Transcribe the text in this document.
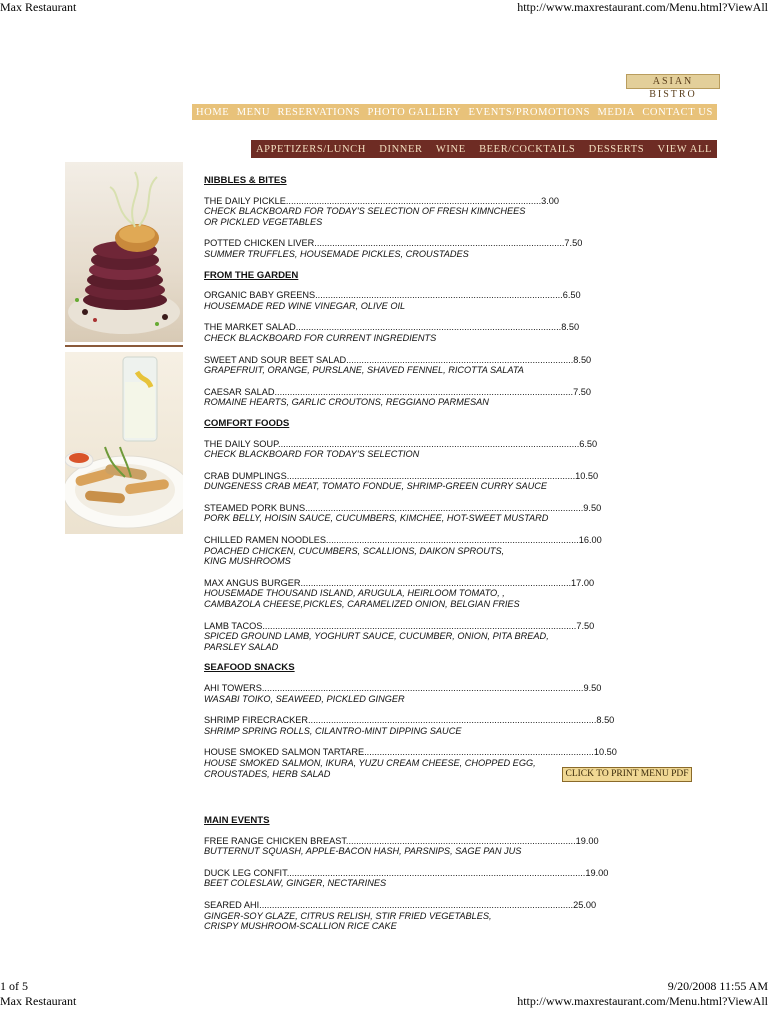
Max Restaurant	http://www.maxrestaurant.com/Menu.html?ViewAll
1 of 5	9/20/2008 11:55 AM
Max Restaurant	http://www.maxrestaurant.com/Menu.html?ViewAll
ASIAN BISTRO
HOME MENU RESERVATIONS PHOTO GALLERY EVENTS/PROMOTIONS MEDIA CONTACT US
APPETIZERS/LUNCH DINNER WINE BEER/COCKTAILS DESSERTS VIEW ALL
NIBBLES & BITES
THE DAILY PICKLE....................................................................................................3.00
CHECK BLACKBOARD FOR TODAY'S SELECTION OF FRESH KIMNCHEES
OR PICKLED VEGETABLES
POTTED CHICKEN LIVER..................................................................................................7.50
SUMMER TRUFFLES, HOUSEMADE PICKLES, CROUSTADES
FROM THE GARDEN
ORGANIC BABY GREENS.................................................................................................6.50
HOUSEMADE RED WINE VINEGAR, OLIVE OIL
THE MARKET SALAD........................................................................................................8.50
CHECK BLACKBOARD FOR CURRENT INGREDIENTS
SWEET AND SOUR BEET SALAD.........................................................................................8.50
GRAPEFRUIT, ORANGE, PURSLANE, SHAVED FENNEL, RICOTTA SALATA
CAESAR SALAD.....................................................................................................................7.50
ROMAINE HEARTS, GARLIC CROUTONS, REGGIANO PARMESAN
COMFORT FOODS
THE DAILY SOUP......................................................................................................................6.50
CHECK BLACKBOARD FOR TODAY'S SELECTION
CRAB DUMPLINGS.................................................................................................................10.50
DUNGENESS CRAB MEAT, TOMATO FONDUE, SHRIMP-GREEN CURRY SAUCE
STEAMED PORK BUNS.............................................................................................................9.50
PORK BELLY, HOISIN SAUCE, CUCUMBERS, KIMCHEE, HOT-SWEET MUSTARD
CHILLED RAMEN NOODLES...................................................................................................16.00
POACHED CHICKEN, CUCUMBERS, SCALLIONS, DAIKON SPROUTS,
KING MUSHROOMS
MAX ANGUS BURGER..........................................................................................................17.00
HOUSEMADE THOUSAND ISLAND, ARUGULA, HEIRLOOM TOMATO, ,
CAMBAZOLA CHEESE,PICKLES, CARAMELIZED ONION, BELGIAN FRIES
LAMB TACOS...........................................................................................................................7.50
SPICED GROUND LAMB, YOGHURT SAUCE, CUCUMBER, ONION, PITA BREAD,
PARSLEY SALAD
SEAFOOD SNACKS
AHI TOWERS..............................................................................................................................9.50
WASABI TOIKO, SEAWEED, PICKLED GINGER
SHRIMP FIRECRACKER.................................................................................................................8.50
SHRIMP SPRING ROLLS, CILANTRO-MINT DIPPING SAUCE
HOUSE SMOKED SALMON TARTARE..........................................................................................10.50
HOUSE SMOKED SALMON, IKURA, YUZU CREAM CHEESE, CHOPPED EGG,
CROUSTADES, HERB SALAD	CLICK TO PRINT MENU PDF
MAIN EVENTS
FREE RANGE CHICKEN BREAST..........................................................................................19.00
BUTTERNUT SQUASH, APPLE-BACON HASH, PARSNIPS, SAGE PAN JUS
DUCK LEG CONFIT.....................................................................................................................19.00
BEET COLESLAW, GINGER, NECTARINES
SEARED AHI...........................................................................................................................25.00
GINGER-SOY GLAZE, CITRUS RELISH, STIR FRIED VEGETABLES,
CRISPY MUSHROOM-SCALLION RICE CAKE
